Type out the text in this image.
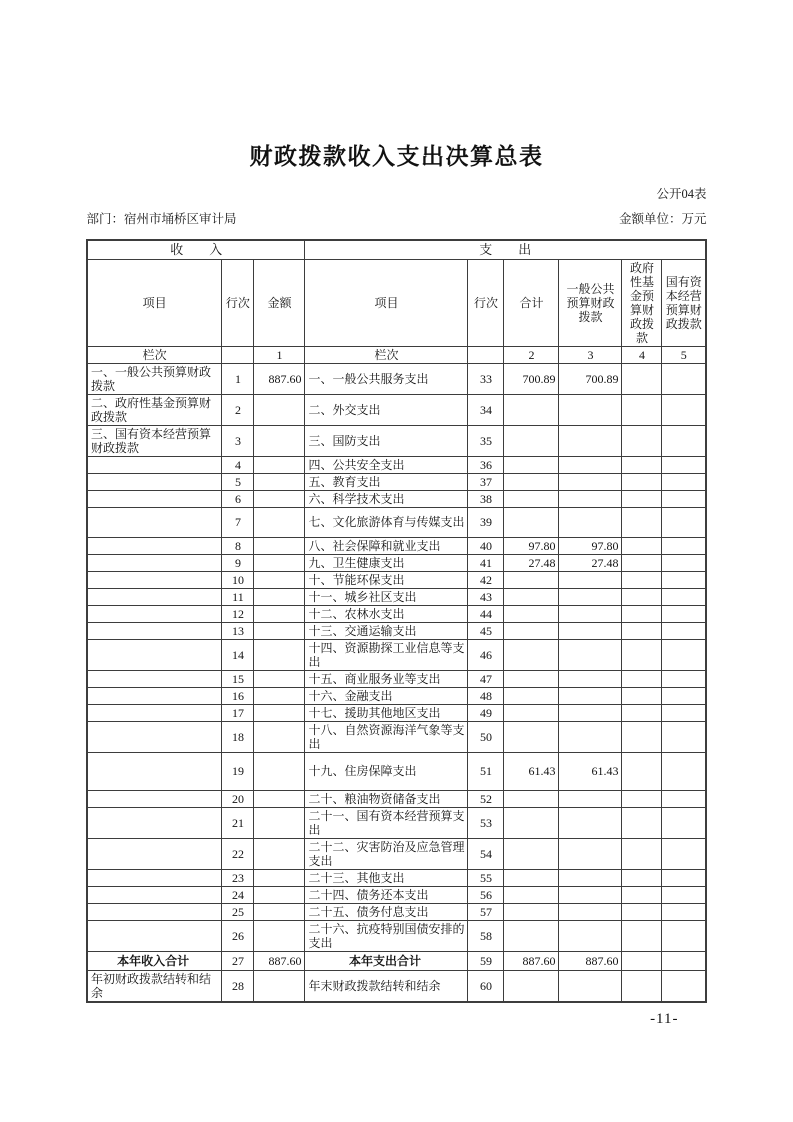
财政拨款收入支出决算总表
公开04表
部门：宿州市埇桥区审计局	金额单位：万元
收　　入			支　　出					
项目	行次	金额	项目	行次	合计	一般公共预算财政拨款	政府性基金预算财政拨款	国有资本经营预算财政拨款
栏次		1	栏次		2	3	4	5
一、一般公共预算财政拨款	1	887.60	一、一般公共服务支出	33	700.89	700.89		
二、政府性基金预算财政拨款	2		二、外交支出	34				
三、国有资本经营预算财政拨款	3		三、国防支出	35				
	4		四、公共安全支出	36				
	5		五、教育支出	37				
	6		六、科学技术支出	38				
	7		七、文化旅游体育与传媒支出	39				
	8		八、社会保障和就业支出	40	97.80	97.80		
	9		九、卫生健康支出	41	27.48	27.48		
	10		十、节能环保支出	42				
	11		十一、城乡社区支出	43				
	12		十二、农林水支出	44				
	13		十三、交通运输支出	45				
	14		十四、资源勘探工业信息等支出	46				
	15		十五、商业服务业等支出	47				
	16		十六、金融支出	48				
	17		十七、援助其他地区支出	49				
	18		十八、自然资源海洋气象等支出	50				
	19		十九、住房保障支出	51	61.43	61.43		
	20		二十、粮油物资储备支出	52				
	21		二十一、国有资本经营预算支出	53				
	22		二十二、灾害防治及应急管理支出	54				
	23		二十三、其他支出	55				
	24		二十四、债务还本支出	56				
	25		二十五、债务付息支出	57				
	26		二十六、抗疫特别国债安排的支出	58				
本年收入合计	27	887.60	本年支出合计	59	887.60	887.60		
年初财政拨款结转和结余	28		年末财政拨款结转和结余	60				
-11-
